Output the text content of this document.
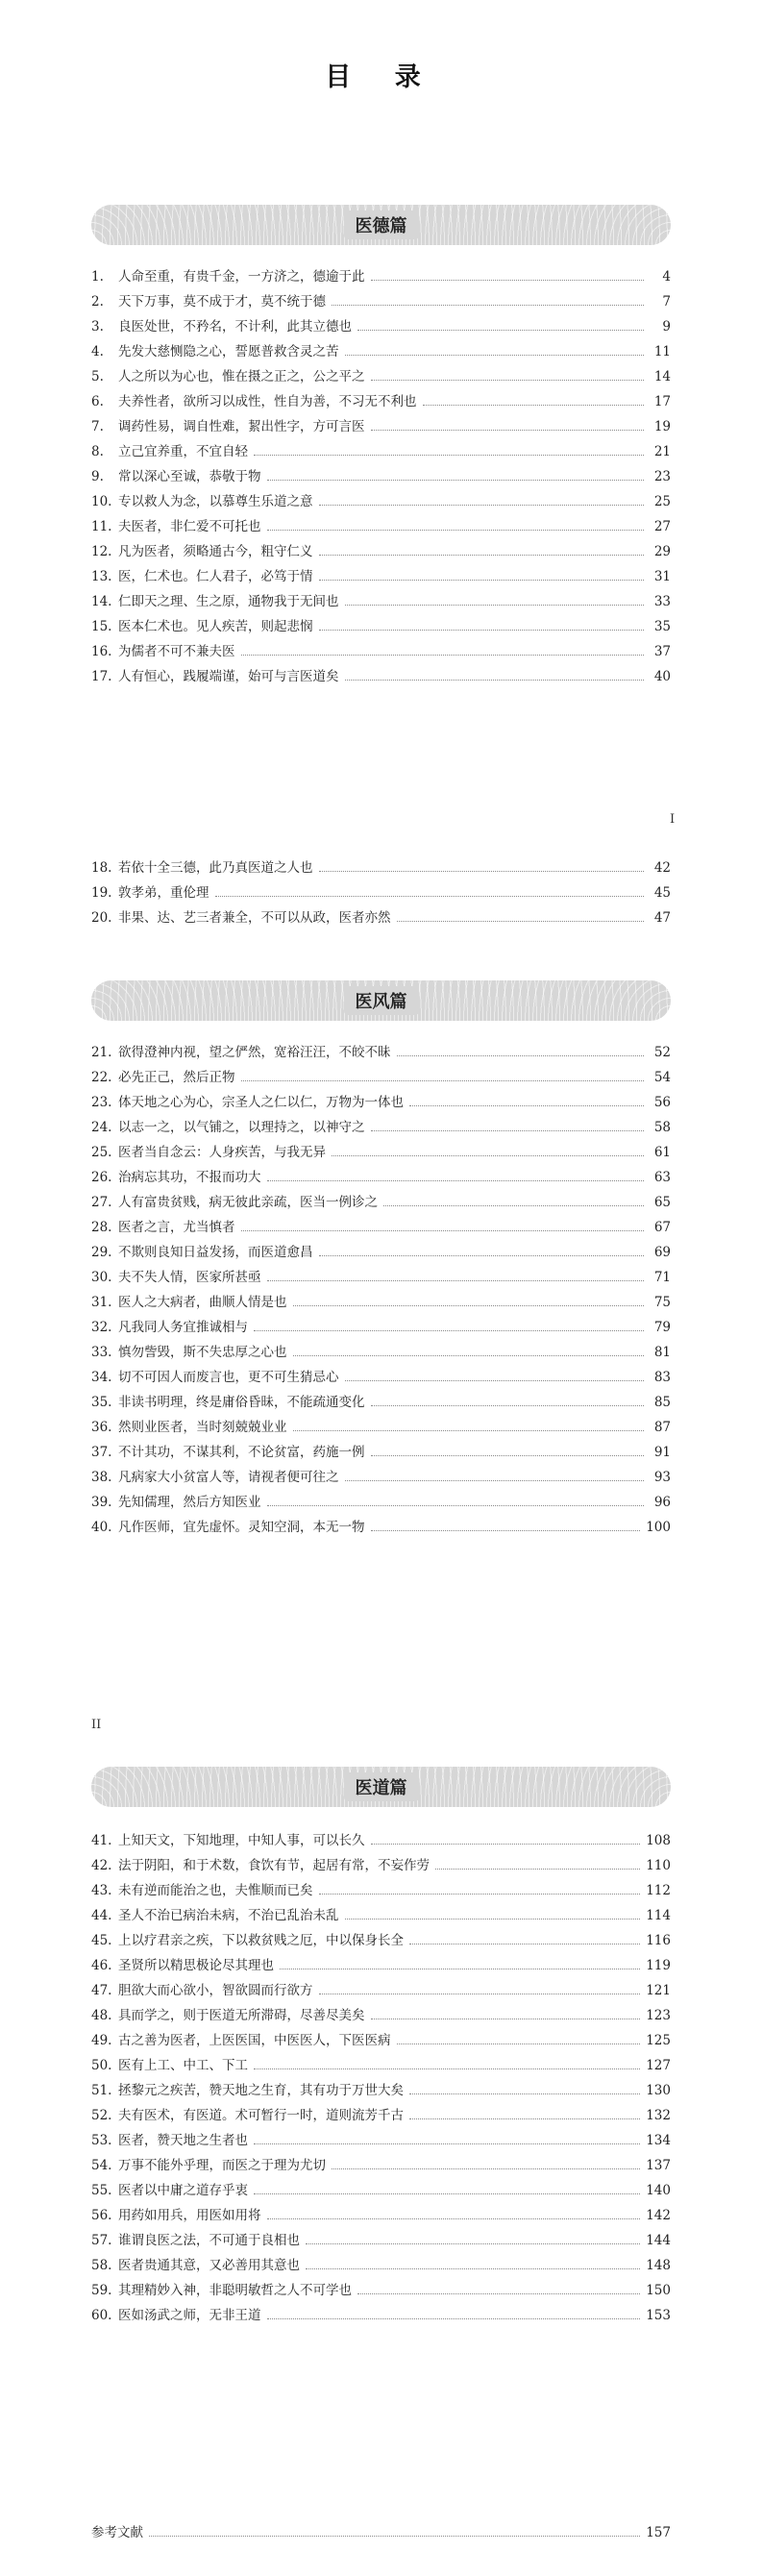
目 录
医德篇
1.	人命至重，有贵千金，一方济之，德逾于此	4
2.	天下万事，莫不成于才，莫不统于德	7
3.	良医处世，不矜名，不计利，此其立德也	9
4.	先发大慈恻隐之心，誓愿普救含灵之苦	11
5.	人之所以为心也，惟在摄之正之，公之平之	14
6.	夫养性者，欲所习以成性，性自为善，不习无不利也	17
7.	调药性易，调自性难，絜出性字，方可言医	19
8.	立己宜养重，不宜自轻	21
9.	常以深心至诚，恭敬于物	23
10. 专以救人为念，以慕尊生乐道之意	25
11. 夫医者，非仁爱不可托也	27
12. 凡为医者，须略通古今，粗守仁义	29
13. 医，仁术也。仁人君子，必笃于情	31
14. 仁即天之理、生之原，通物我于无间也	33
15. 医本仁术也。见人疾苦，则起悲悯	35
16. 为儒者不可不兼夫医	37
17. 人有恒心，践履端谨，始可与言医道矣	40
I
18. 若依十全三德，此乃真医道之人也	42
19. 敦孝弟，重伦理	45
20. 非果、达、艺三者兼全，不可以从政，医者亦然	47
医风篇
21. 欲得澄神内视，望之俨然，宽裕汪汪，不皎不昧	52
22. 必先正己，然后正物	54
23. 体天地之心为心，宗圣人之仁以仁，万物为一体也	56
24. 以志一之，以气铺之，以理持之，以神守之	58
25. 医者当自念云：人身疾苦，与我无异	61
26. 治病忘其功，不报而功大	63
27. 人有富贵贫贱，病无彼此亲疏，医当一例诊之	65
28. 医者之言，尤当慎者	67
29. 不欺则良知日益发扬，而医道愈昌	69
30. 夫不失人情，医家所甚亟	71
31. 医人之大病者，曲顺人情是也	75
32. 凡我同人务宜推诚相与	79
33. 慎勿訾毁，斯不失忠厚之心也	81
34. 切不可因人而废言也，更不可生猜忌心	83
35. 非读书明理，终是庸俗昏昧，不能疏通变化	85
36. 然则业医者，当时刻兢兢业业	87
37. 不计其功，不谋其利，不论贫富，药施一例	91
38. 凡病家大小贫富人等，请视者便可往之	93
39. 先知儒理，然后方知医业	96
40. 凡作医师，宜先虚怀。灵知空洞，本无一物	100
II
医道篇
41. 上知天文，下知地理，中知人事，可以长久	108
42. 法于阴阳，和于术数，食饮有节，起居有常，不妄作劳	110
43. 未有逆而能治之也，夫惟顺而已矣	112
44. 圣人不治已病治未病，不治已乱治未乱	114
45. 上以疗君亲之疾，下以救贫贱之厄，中以保身长全	116
46. 圣贤所以精思极论尽其理也	119
47. 胆欲大而心欲小，智欲圆而行欲方	121
48. 具而学之，则于医道无所滞碍，尽善尽美矣	123
49. 古之善为医者，上医医国，中医医人，下医医病	125
50. 医有上工、中工、下工	127
51. 拯黎元之疾苦，赞天地之生育，其有功于万世大矣	130
52. 夫有医术，有医道。术可暂行一时，道则流芳千古	132
53. 医者，赞天地之生者也	134
54. 万事不能外乎理，而医之于理为尤切	137
55. 医者以中庸之道存乎衷	140
56. 用药如用兵，用医如用将	142
57. 谁谓良医之法，不可通于良相也	144
58. 医者贵通其意，又必善用其意也	148
59. 其理精妙入神，非聪明敏哲之人不可学也	150
60. 医如汤武之师，无非王道	153
参考文献	157
